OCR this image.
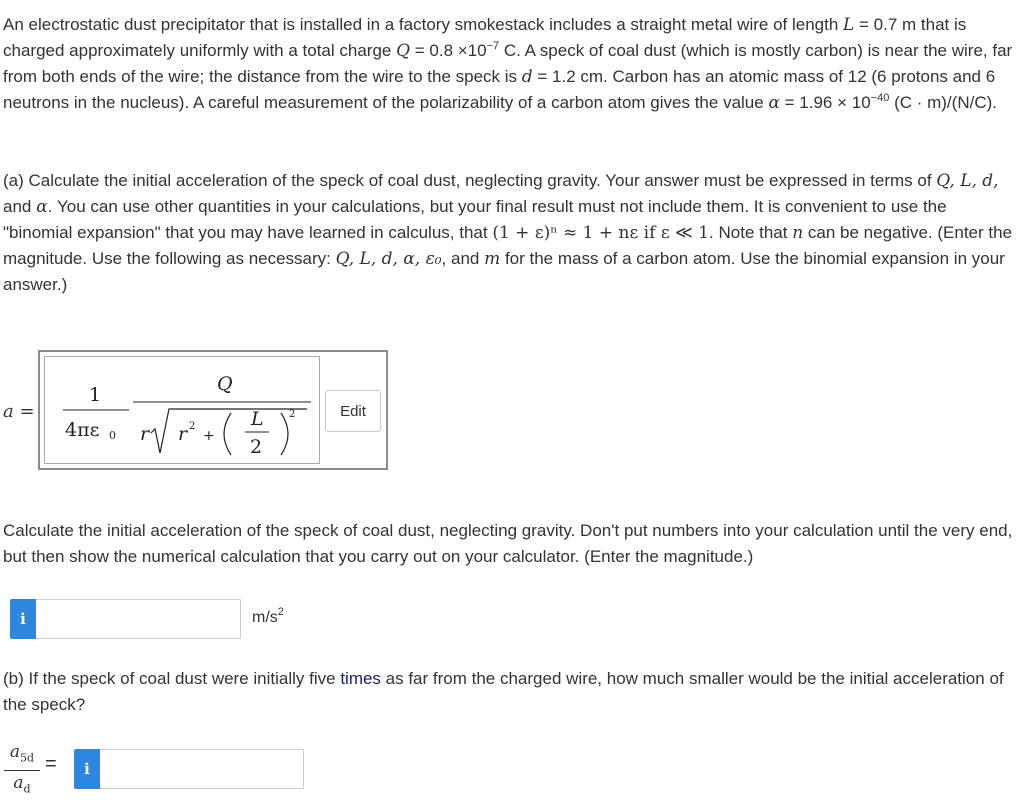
An electrostatic dust precipitator that is installed in a factory smokestack includes a straight metal wire of length L = 0.7 m that is charged approximately uniformly with a total charge $Q = 0.8 \times 10^{-7}$ C. A speck of coal dust (which is mostly carbon) is near the wire, far from both ends of the wire; the distance from the wire to the speck is d = 1.2 cm. Carbon has an atomic mass of 12 (6 protons and 6 neutrons in the nucleus). A careful measurement of the polarizability of a carbon atom gives the value $\alpha = 1.96 \times 10^{-40}$ (C · m)/(N/C).

(a) Calculate the initial acceleration of the speck of coal dust, neglecting gravity. Your answer must be expressed in terms of Q, L, d, and α. You can use other quantities in your calculations, but your final result must not include them. It is convenient to use the "binomial expansion" that you may have learned in calculus, that (1 + ε)ⁿ ≈ 1 + nε if ε ≪ 1. Note that n can be negative. (Enter the magnitude. Use the following as necessary: Q, L, d, α, ε₀, and m for the mass of a carbon atom. Use the binomial expansion in your answer.)

a =
1
4πε 0
Q
r r 2
+
L
2
2	Edit

Calculate the initial acceleration of the speck of coal dust, neglecting gravity. Don't put numbers into your calculation until the very end, but then show the numerical calculation that you carry out on your calculator. (Enter the magnitude.)

i	$m/s^2$

(b) If the speck of coal dust were initially five times as far from the charged wire, how much smaller would be the initial acceleration of the speck?

$a_{5d}$
$a_d$
=	i
